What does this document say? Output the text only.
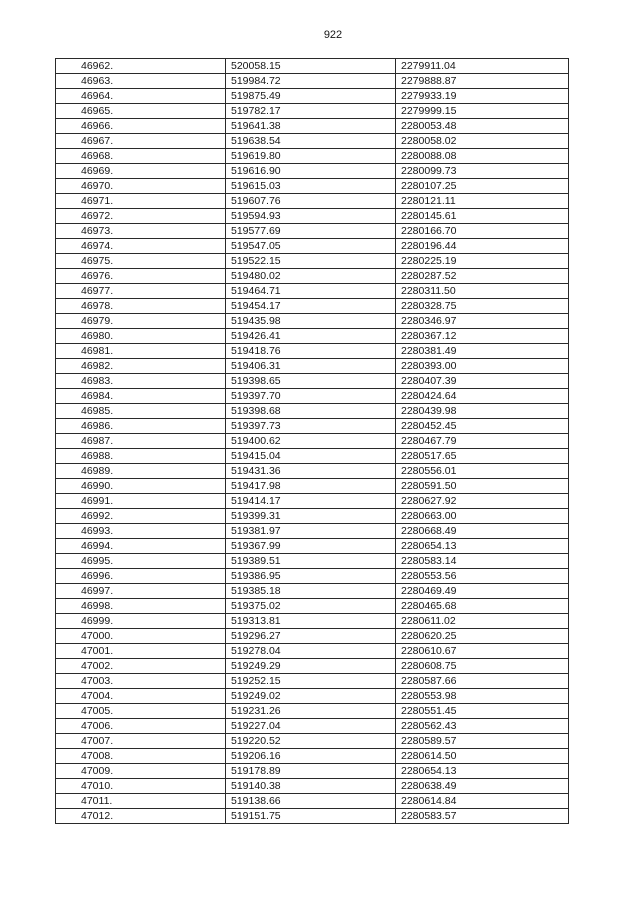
922
46962.	520058.15	2279911.04
46963.	519984.72	2279888.87
46964.	519875.49	2279933.19
46965.	519782.17	2279999.15
46966.	519641.38	2280053.48
46967.	519638.54	2280058.02
46968.	519619.80	2280088.08
46969.	519616.90	2280099.73
46970.	519615.03	2280107.25
46971.	519607.76	2280121.11
46972.	519594.93	2280145.61
46973.	519577.69	2280166.70
46974.	519547.05	2280196.44
46975.	519522.15	2280225.19
46976.	519480.02	2280287.52
46977.	519464.71	2280311.50
46978.	519454.17	2280328.75
46979.	519435.98	2280346.97
46980.	519426.41	2280367.12
46981.	519418.76	2280381.49
46982.	519406.31	2280393.00
46983.	519398.65	2280407.39
46984.	519397.70	2280424.64
46985.	519398.68	2280439.98
46986.	519397.73	2280452.45
46987.	519400.62	2280467.79
46988.	519415.04	2280517.65
46989.	519431.36	2280556.01
46990.	519417.98	2280591.50
46991.	519414.17	2280627.92
46992.	519399.31	2280663.00
46993.	519381.97	2280668.49
46994.	519367.99	2280654.13
46995.	519389.51	2280583.14
46996.	519386.95	2280553.56
46997.	519385.18	2280469.49
46998.	519375.02	2280465.68
46999.	519313.81	2280611.02
47000.	519296.27	2280620.25
47001.	519278.04	2280610.67
47002.	519249.29	2280608.75
47003.	519252.15	2280587.66
47004.	519249.02	2280553.98
47005.	519231.26	2280551.45
47006.	519227.04	2280562.43
47007.	519220.52	2280589.57
47008.	519206.16	2280614.50
47009.	519178.89	2280654.13
47010.	519140.38	2280638.49
47011.	519138.66	2280614.84
47012.	519151.75	2280583.57
